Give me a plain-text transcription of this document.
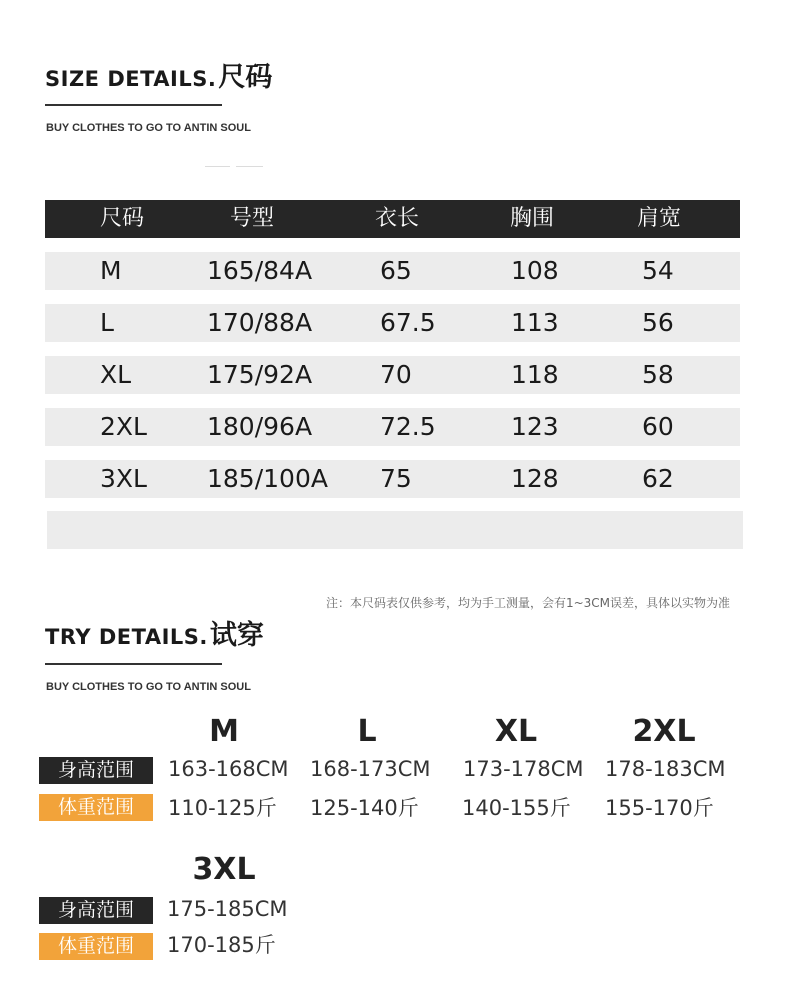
SIZE DETAILS.尺码
BUY CLOTHES TO GO TO ANTIN SOUL
尺码	号型	衣长	胸围	肩宽
M	165/84A	65	108	54
L	170/88A	67.5	113	56
XL	175/92A	70	118	58
2XL 180/96A	72.5	123	60
3XL 185/100A 75	128	62
注：本尺码表仅供参考，均为手工测量，会有1~3CM误差，具体以实物为准
TRY DETAILS.试穿
BUY CLOTHES TO GO TO ANTIN SOUL
M	L	XL	2XL
身高范围	163-168CM 168-173CM 173-178CM 178-183CM
体重范围	110-125斤 125-140斤 140-155斤 155-170斤
3XL
身高范围	175-185CM
体重范围	170-185斤
